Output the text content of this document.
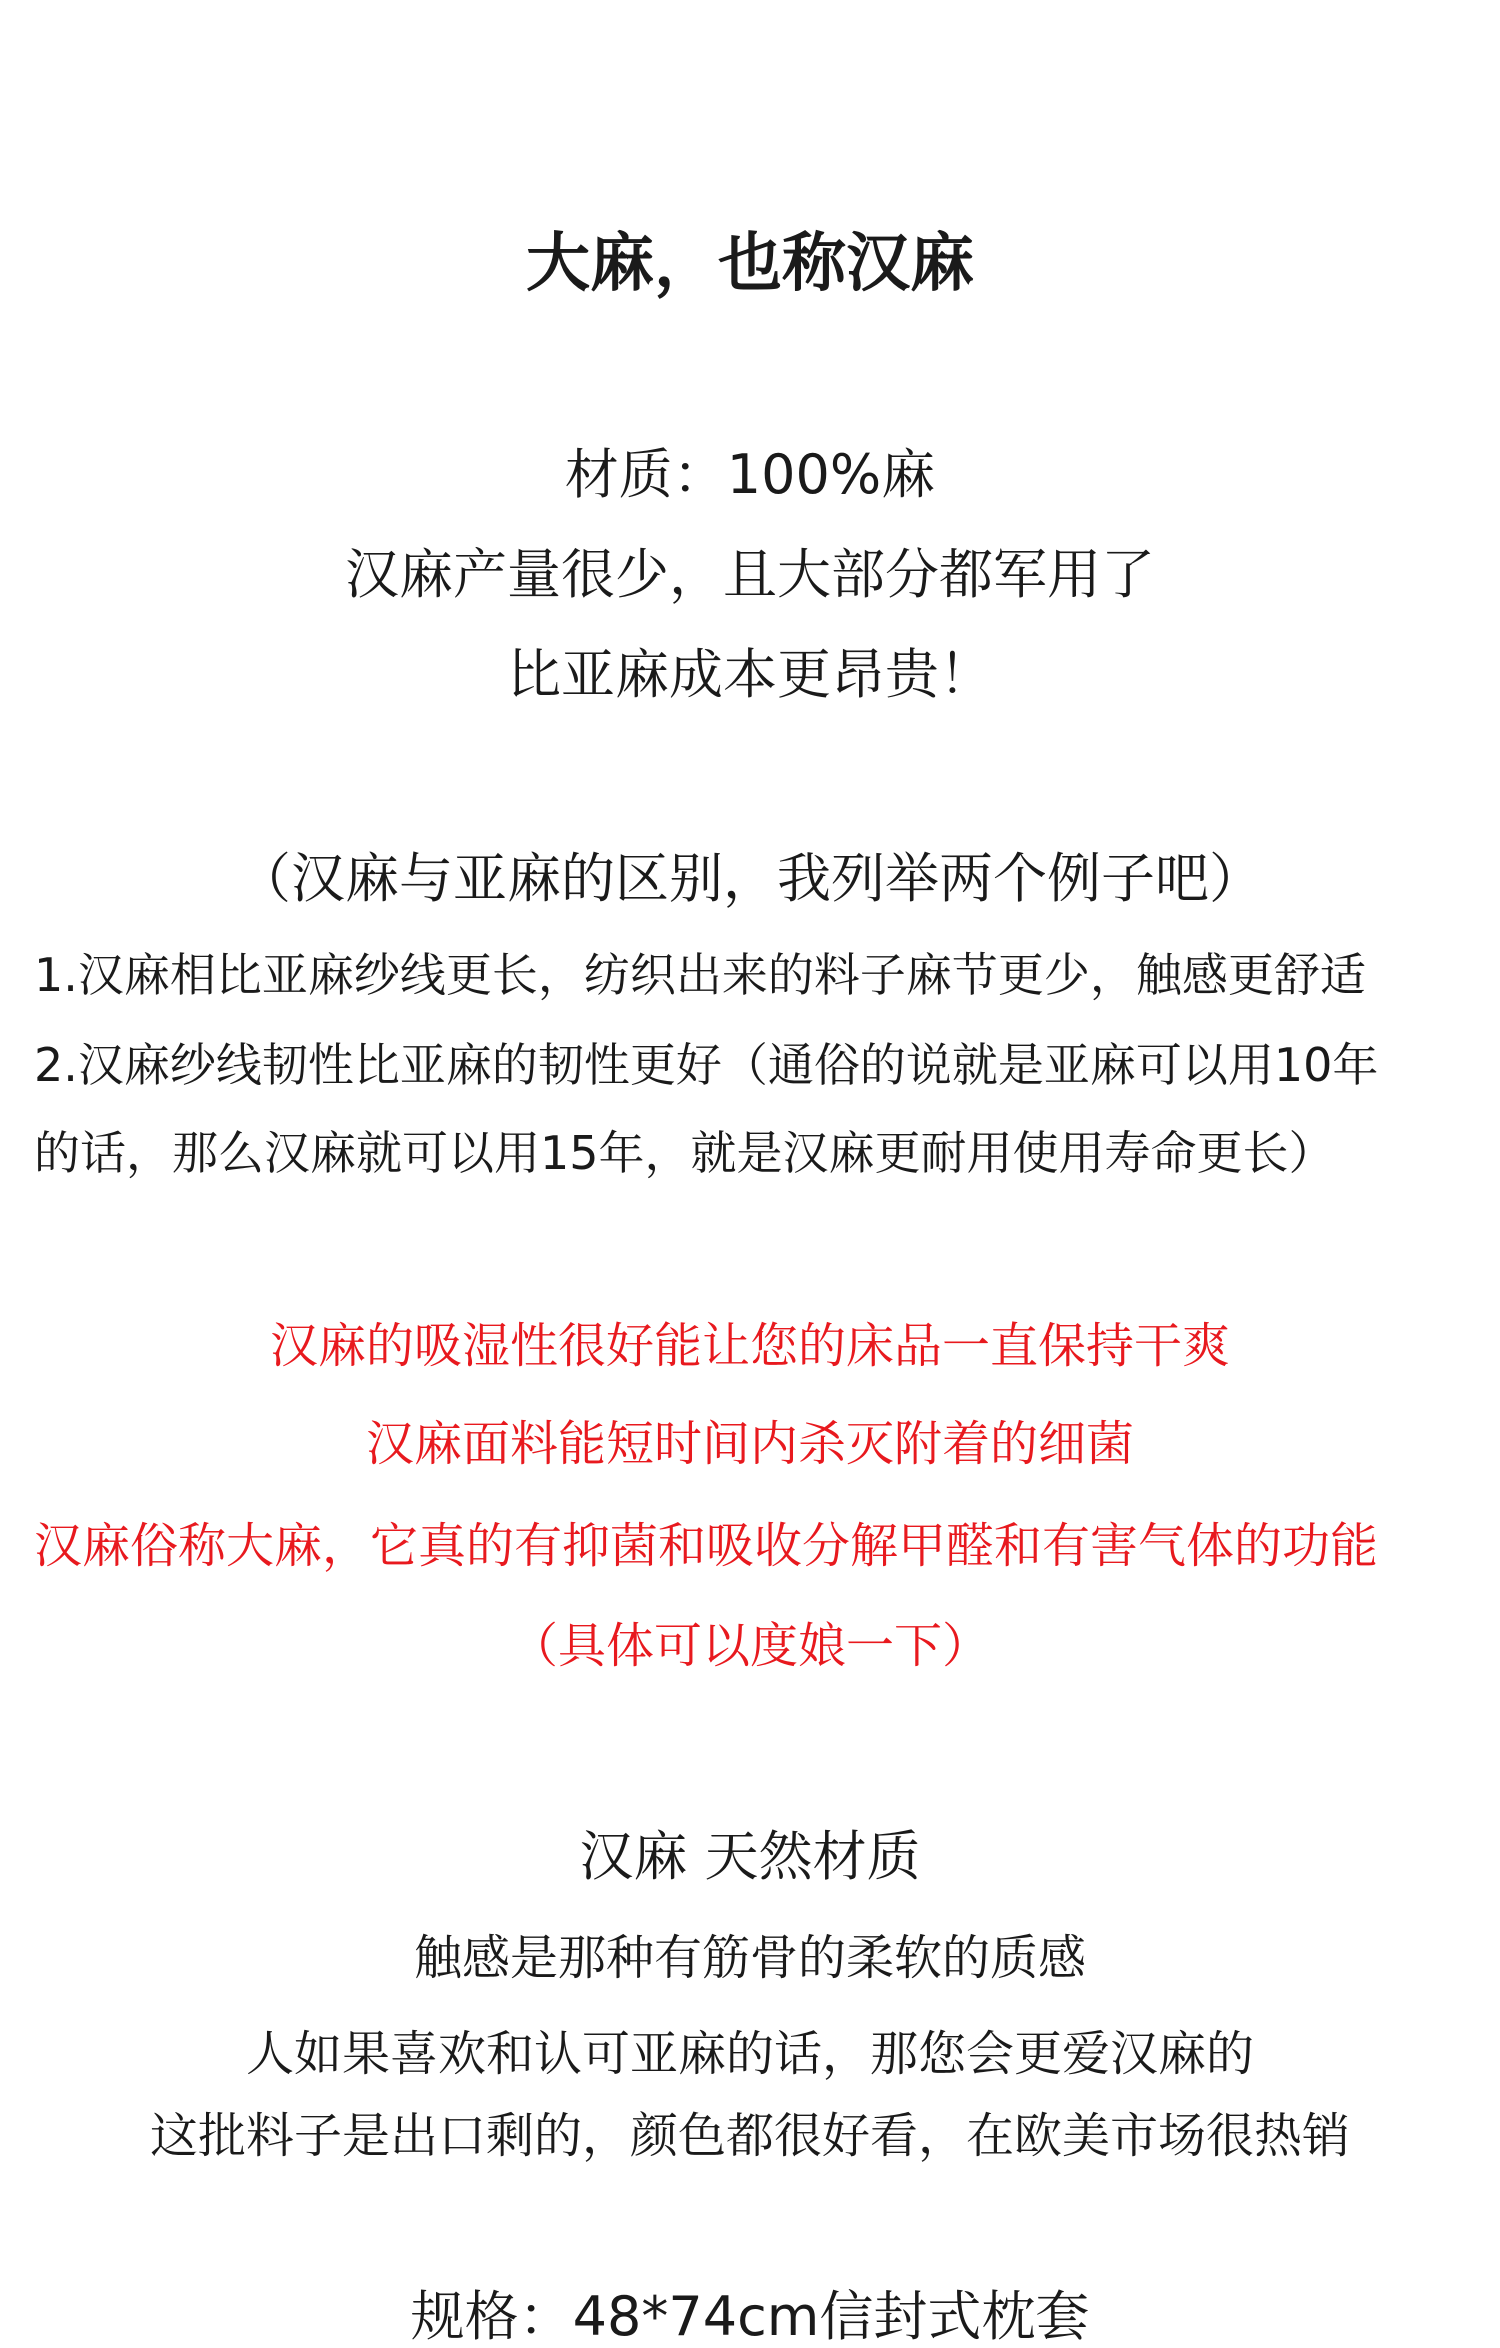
大麻，也称汉麻

材质：100%麻

汉麻产量很少，且大部分都军用了

比亚麻成本更昂贵！

（汉麻与亚麻的区别，我列举两个例子吧）

1.汉麻相比亚麻纱线更长，纺织出来的料子麻节更少，触感更舒适

2.汉麻纱线韧性比亚麻的韧性更好（通俗的说就是亚麻可以用10年

的话，那么汉麻就可以用15年，就是汉麻更耐用使用寿命更长）

汉麻的吸湿性很好能让您的床品一直保持干爽

汉麻面料能短时间内杀灭附着的细菌

汉麻俗称大麻，它真的有抑菌和吸收分解甲醛和有害气体的功能

（具体可以度娘一下）

汉麻 天然材质

触感是那种有筋骨的柔软的质感

人如果喜欢和认可亚麻的话，那您会更爱汉麻的

这批料子是出口剩的，颜色都很好看，在欧美市场很热销

规格：48*74cm信封式枕套
